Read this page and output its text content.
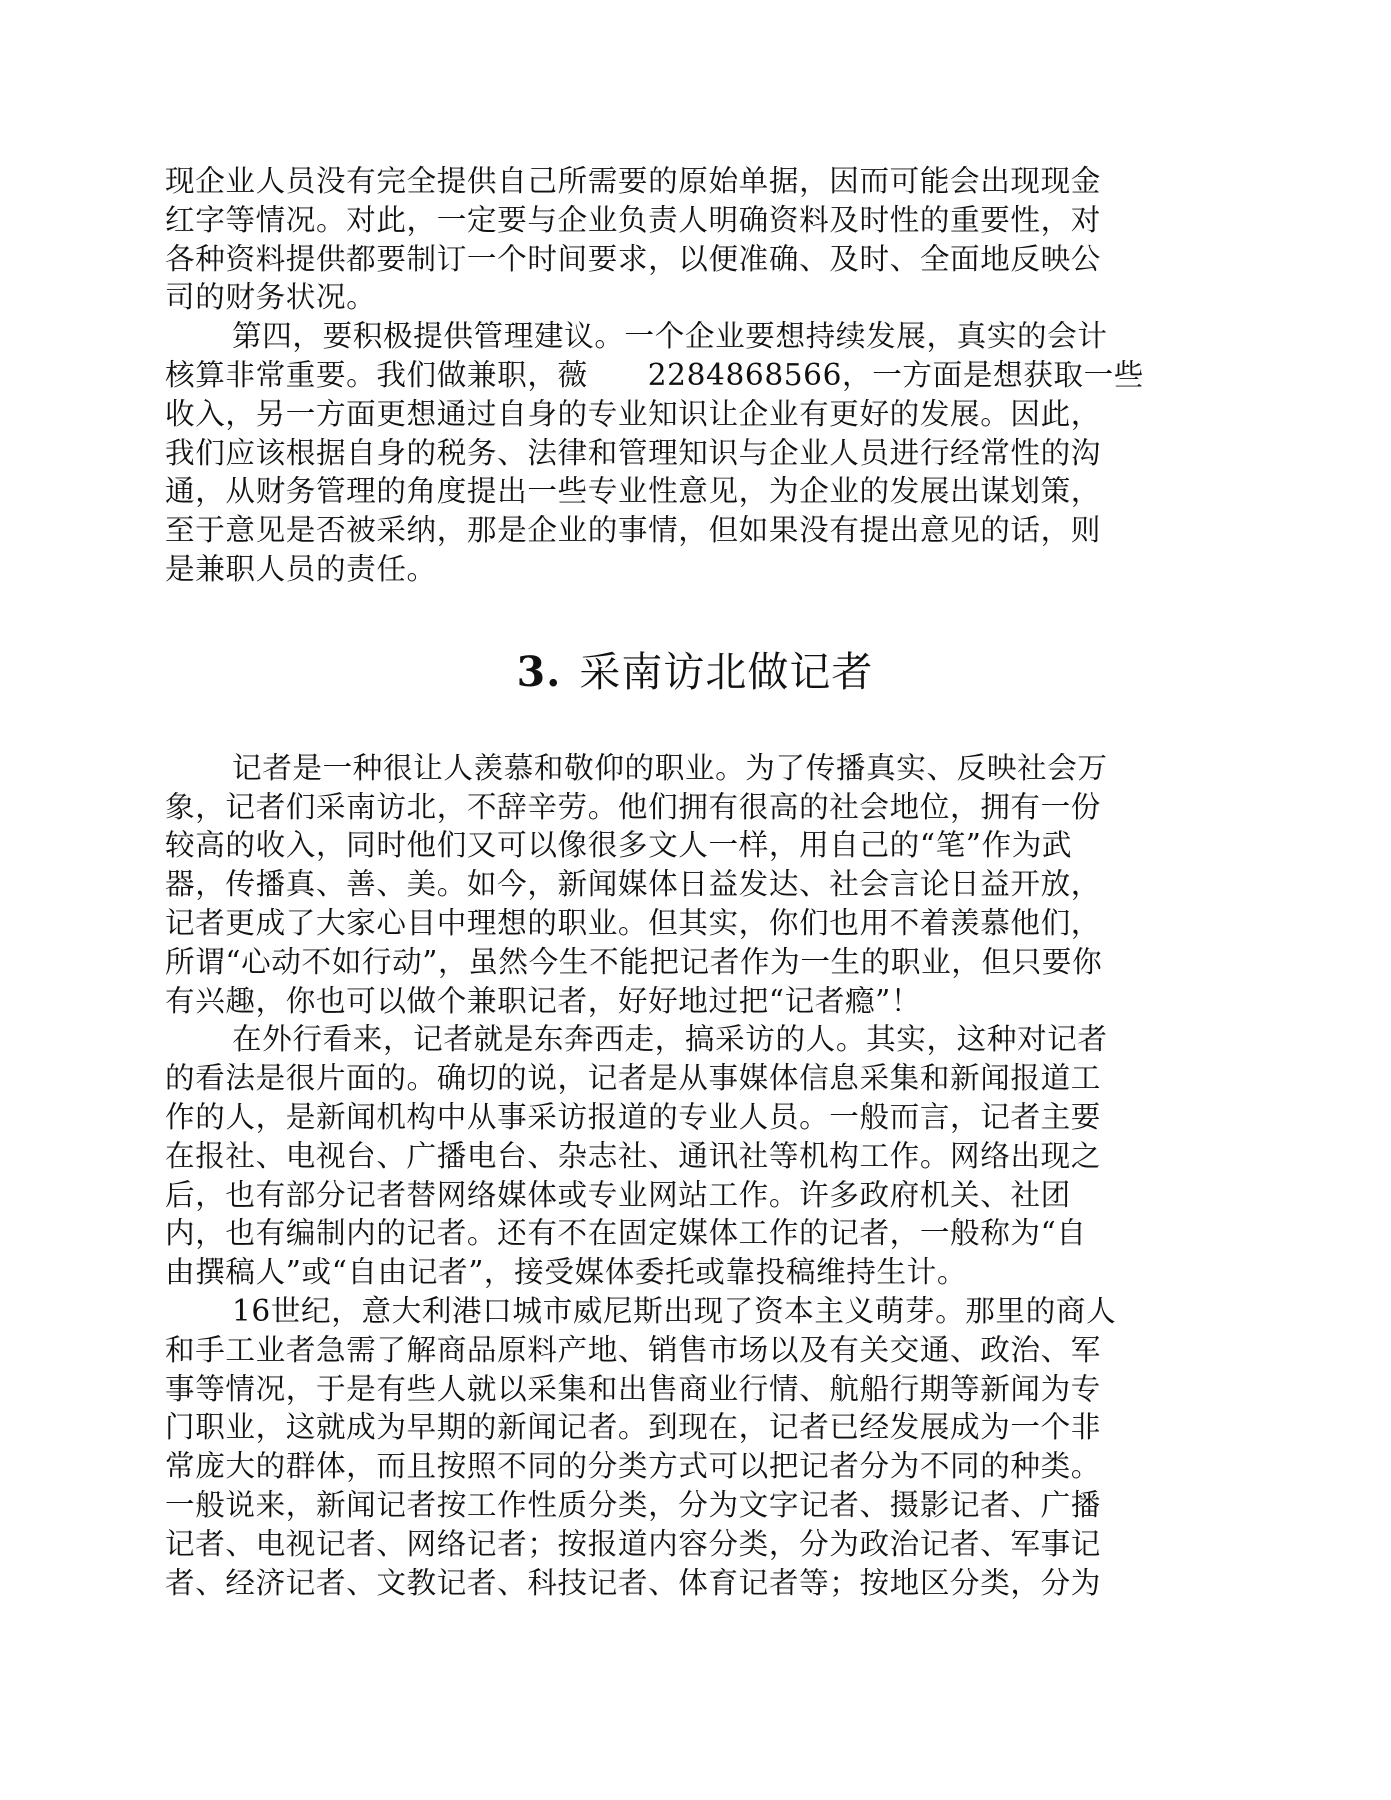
现企业人员没有完全提供自己所需要的原始单据，因而可能会出现现金
红字等情况。对此，一定要与企业负责人明确资料及时性的重要性，对
各种资料提供都要制订一个时间要求，以便准确、及时、全面地反映公
司的财务状况。
第四，要积极提供管理建议。一个企业要想持续发展，真实的会计
核算非常重要。我们做兼职，薇      2284868566，一方面是想获取一些
收入，另一方面更想通过自身的专业知识让企业有更好的发展。因此，
我们应该根据自身的税务、法律和管理知识与企业人员进行经常性的沟
通，从财务管理的角度提出一些专业性意见，为企业的发展出谋划策，
至于意见是否被采纳，那是企业的事情，但如果没有提出意见的话，则
是兼职人员的责任。
3. 采南访北做记者
记者是一种很让人羡慕和敬仰的职业。为了传播真实、反映社会万
象，记者们采南访北，不辞辛劳。他们拥有很高的社会地位，拥有一份
较高的收入，同时他们又可以像很多文人一样，用自己的“笔”作为武
器，传播真、善、美。如今，新闻媒体日益发达、社会言论日益开放，
记者更成了大家心目中理想的职业。但其实，你们也用不着羡慕他们，
所谓“心动不如行动”，虽然今生不能把记者作为一生的职业，但只要你
有兴趣，你也可以做个兼职记者，好好地过把“记者瘾”！
在外行看来，记者就是东奔西走，搞采访的人。其实，这种对记者
的看法是很片面的。确切的说，记者是从事媒体信息采集和新闻报道工
作的人，是新闻机构中从事采访报道的专业人员。一般而言，记者主要
在报社、电视台、广播电台、杂志社、通讯社等机构工作。网络出现之
后，也有部分记者替网络媒体或专业网站工作。许多政府机关、社团
内，也有编制内的记者。还有不在固定媒体工作的记者，一般称为“自
由撰稿人”或“自由记者”，接受媒体委托或靠投稿维持生计。
16世纪，意大利港口城市威尼斯出现了资本主义萌芽。那里的商人
和手工业者急需了解商品原料产地、销售市场以及有关交通、政治、军
事等情况，于是有些人就以采集和出售商业行情、航船行期等新闻为专
门职业，这就成为早期的新闻记者。到现在，记者已经发展成为一个非
常庞大的群体，而且按照不同的分类方式可以把记者分为不同的种类。
一般说来，新闻记者按工作性质分类，分为文字记者、摄影记者、广播
记者、电视记者、网络记者；按报道内容分类，分为政治记者、军事记
者、经济记者、文教记者、科技记者、体育记者等；按地区分类，分为
